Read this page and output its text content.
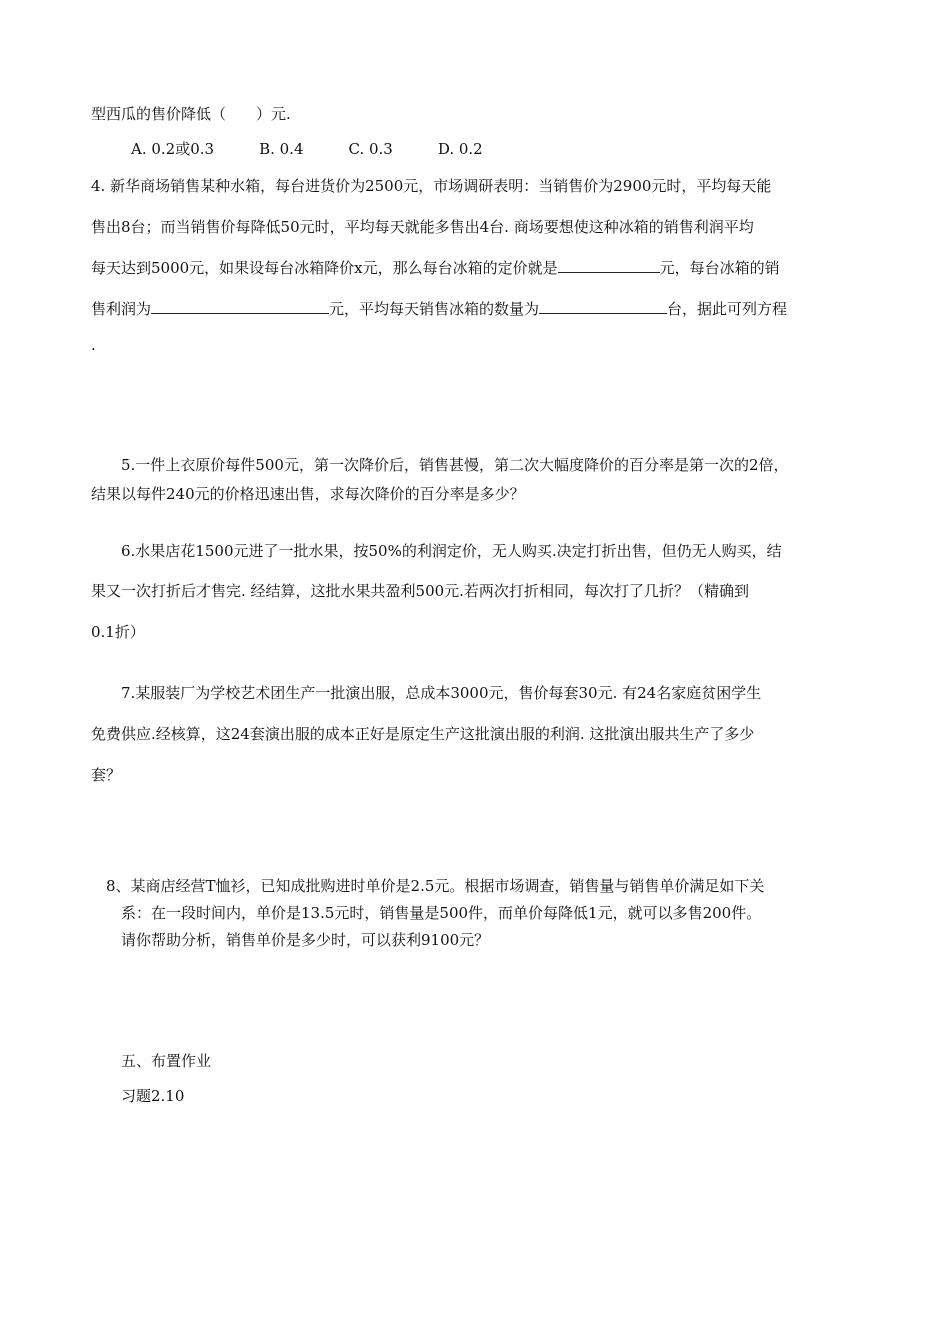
型西瓜的售价降低（　　）元.
A. 0.2或0.3　　　B. 0.4　　　C. 0.3　　　D. 0.2
4. 新华商场销售某种水箱，每台进货价为2500元，市场调研表明：当销售价为2900元时，平均每天能
售出8台；而当销售价每降低50元时，平均每天就能多售出4台. 商场要想使这种冰箱的销售利润平均
每天达到5000元，如果设每台冰箱降价x元，那么每台冰箱的定价就是	元，每台冰箱的销
售利润为	元，平均每天销售冰箱的数量为	台，据此可列方程
.
5.一件上衣原价每件500元，第一次降价后，销售甚慢，第二次大幅度降价的百分率是第一次的2倍，
结果以每件240元的价格迅速出售，求每次降价的百分率是多少？
6.水果店花1500元进了一批水果，按50%的利润定价，无人购买.决定打折出售，但仍无人购买，结
果又一次打折后才售完. 经结算，这批水果共盈利500元.若两次打折相同，每次打了几折？（精确到
0.1折）
7.某服装厂为学校艺术团生产一批演出服，总成本3000元，售价每套30元. 有24名家庭贫困学生
免费供应.经核算，这24套演出服的成本正好是原定生产这批演出服的利润. 这批演出服共生产了多少
套？
8、某商店经营T恤衫，已知成批购进时单价是2.5元。根据市场调查，销售量与销售单价满足如下关
系：在一段时间内，单价是13.5元时，销售量是500件，而单价每降低1元，就可以多售200件。
请你帮助分析，销售单价是多少时，可以获利9100元？
五、布置作业
习题2.10
